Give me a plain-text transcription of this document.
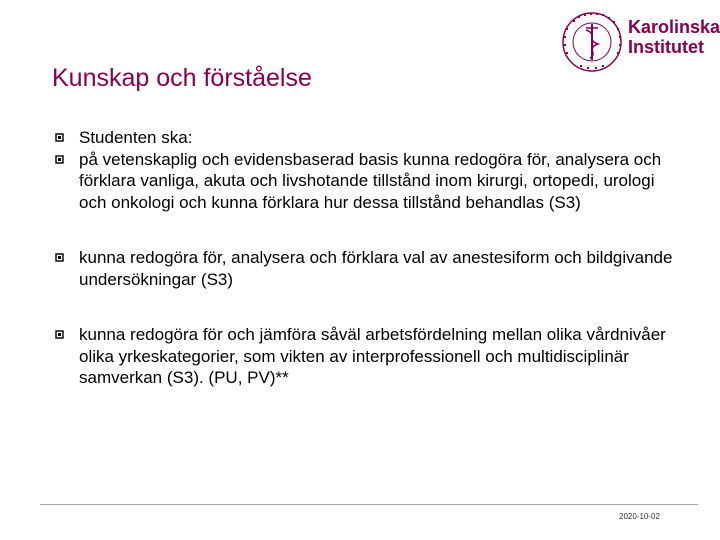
Karolinska
Institutet
Kunskap och förståelse
Studenten ska:
på vetenskaplig och evidensbaserad basis kunna redogöra för, analysera och förklara vanliga, akuta och livshotande tillstånd inom kirurgi, ortopedi, urologi och onkologi och kunna förklara hur dessa tillstånd behandlas (S3)
kunna redogöra för, analysera och förklara val av anestesiform och bildgivande undersökningar (S3)
kunna redogöra för och jämföra såväl arbetsfördelning mellan olika vårdnivåer olika yrkeskategorier, som vikten av interprofessionell och multidisciplinär samverkan (S3). (PU, PV)**
2020-10-02
